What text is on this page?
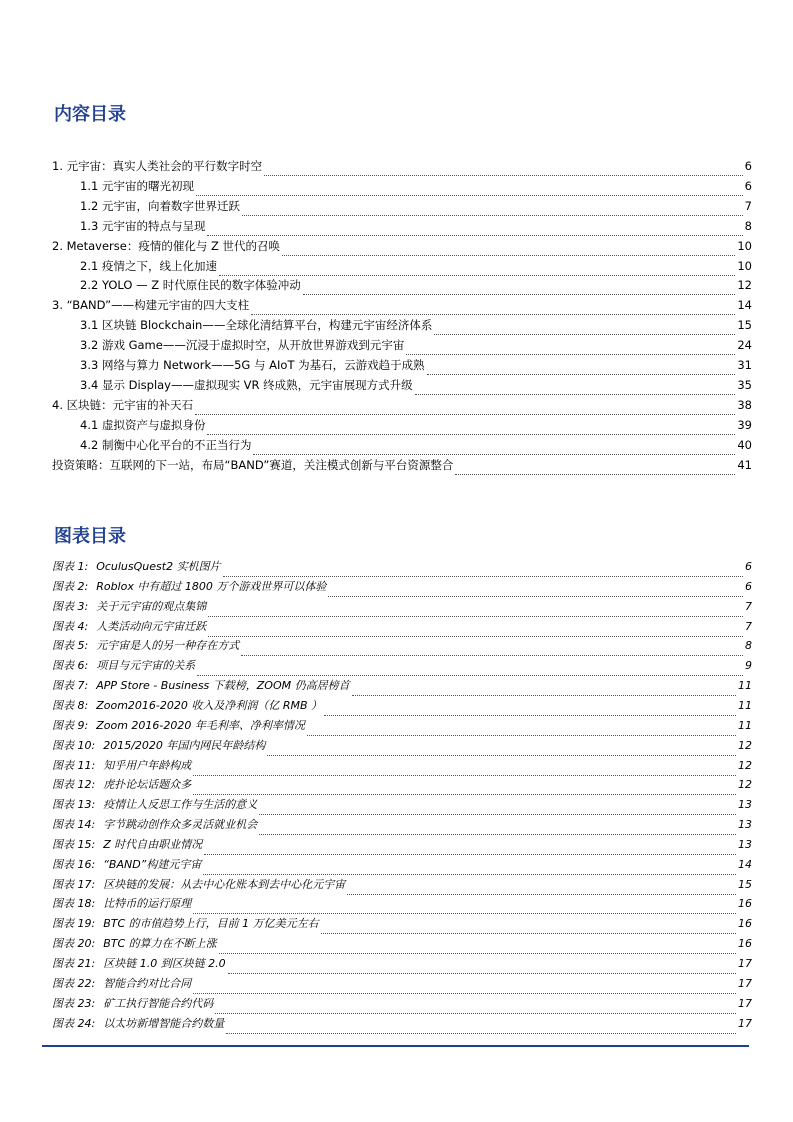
内容目录
1. 元宇宙：真实人类社会的平行数字时空	6
1.1 元宇宙的曙光初现	6
1.2 元宇宙，向着数字世界迁跃	7
1.3 元宇宙的特点与呈现	8
2. Metaverse：疫情的催化与 Z 世代的召唤	10
2.1 疫情之下，线上化加速	10
2.2 YOLO — Z 时代原住民的数字体验冲动	12
3. “BAND”——构建元宇宙的四大支柱	14
3.1 区块链 Blockchain——全球化清结算平台，构建元宇宙经济体系	15
3.2 游戏 Game——沉浸于虚拟时空，从开放世界游戏到元宇宙	24
3.3 网络与算力 Network——5G 与 AIoT 为基石，云游戏趋于成熟	31
3.4 显示 Display——虚拟现实 VR 终成熟，元宇宙展现方式升级	35
4. 区块链：元宇宙的补天石	38
4.1 虚拟资产与虚拟身份	39
4.2 制衡中心化平台的不正当行为	40
投资策略：互联网的下一站，布局“BAND”赛道，关注模式创新与平台资源整合	41
图表目录
图表 1: OculusQuest2 实机图片	6
图表 2: Roblox 中有超过 1800 万个游戏世界可以体验	6
图表 3: 关于元宇宙的观点集锦	7
图表 4: 人类活动向元宇宙迁跃	7
图表 5: 元宇宙是人的另一种存在方式	8
图表 6: 项目与元宇宙的关系	9
图表 7: APP Store - Business 下载榜，ZOOM 仍高居榜首	11
图表 8: Zoom2016-2020 收入及净利润（亿 RMB ）	11
图表 9: Zoom 2016-2020 年毛利率、净利率情况	11
图表 10: 2015/2020 年国内网民年龄结构	12
图表 11: 知乎用户年龄构成	12
图表 12: 虎扑论坛话题众多	12
图表 13: 疫情让人反思工作与生活的意义	13
图表 14: 字节跳动创作众多灵活就业机会	13
图表 15: Z 时代自由职业情况	13
图表 16: “BAND”构建元宇宙	14
图表 17: 区块链的发展：从去中心化账本到去中心化元宇宙	15
图表 18: 比特币的运行原理	16
图表 19: BTC 的市值趋势上行，目前 1 万亿美元左右	16
图表 20: BTC 的算力在不断上涨	16
图表 21: 区块链 1.0 到区块链 2.0	17
图表 22: 智能合约对比合同	17
图表 23: 矿工执行智能合约代码	17
图表 24: 以太坊新增智能合约数量	17
